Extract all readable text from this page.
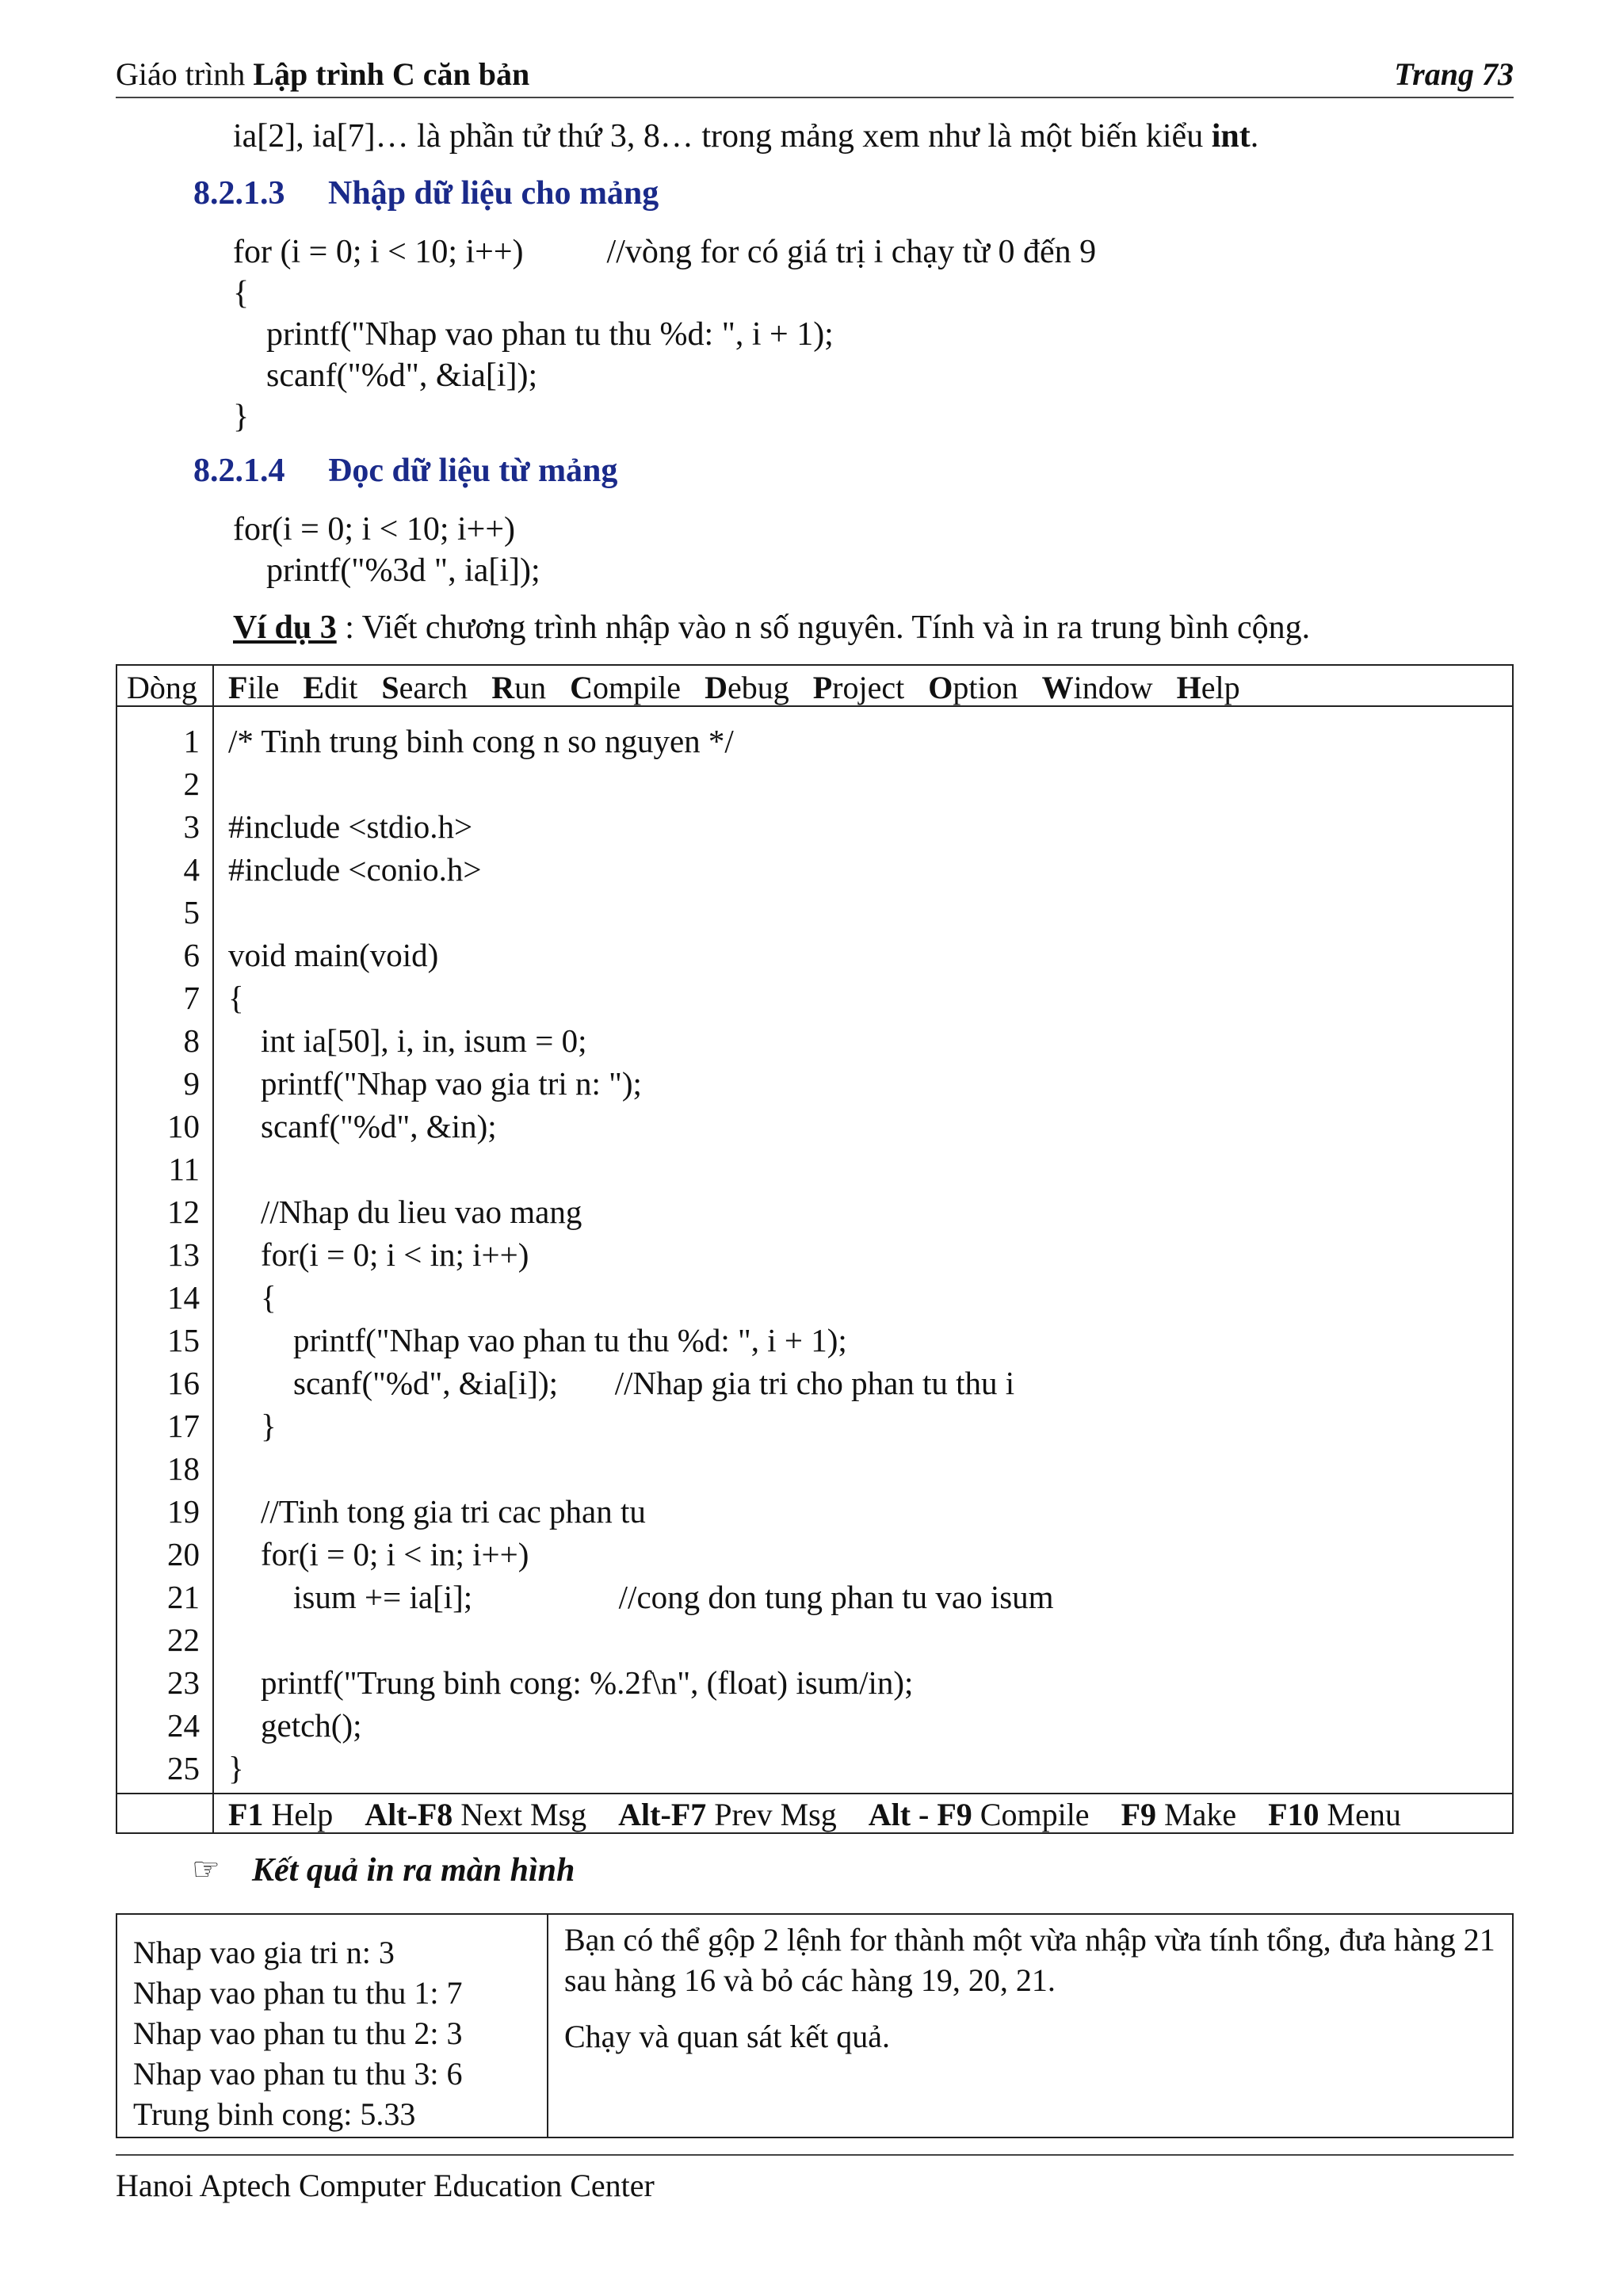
Giáo trình Lập trình C căn bản	Trang 73
ia[2], ia[7]… là phần tử thứ 3, 8… trong mảng xem như là một biến kiểu int.
8.2.1.3 Nhập dữ liệu cho mảng
for (i = 0; i < 10; i++)          //vòng for có giá trị i chạy từ 0 đến 9
{
printf("Nhap vao phan tu thu %d: ", i + 1);
scanf("%d", &ia[i]);
}
8.2.1.4 Đọc dữ liệu từ mảng
for(i = 0; i < 10; i++)
printf("%3d ", ia[i]);
Ví dụ 3 : Viết chương trình nhập vào n số nguyên. Tính và in ra trung bình cộng.
Dòng File Edit Search Run Compile Debug Project Option Window Help
1 /* Tinh trung binh cong n so nguyen */
2
3 #include <stdio.h>
4 #include <conio.h>
5
6 void main(void)
7 {
8 int ia[50], i, in, isum = 0;
9 printf("Nhap vao gia tri n: ");
10 scanf("%d", &in);
11
12 //Nhap du lieu vao mang
13 for(i = 0; i < in; i++)
14 {
15 printf("Nhap vao phan tu thu %d: ", i + 1);
16 scanf("%d", &ia[i]);       //Nhap gia tri cho phan tu thu i
17 }
18
19 //Tinh tong gia tri cac phan tu
20 for(i = 0; i < in; i++)
21 isum += ia[i];                  //cong don tung phan tu vao isum
22
23 printf("Trung binh cong: %.2f\n", (float) isum/in);
24 getch();
25 }
F1 Help Alt-F8 Next Msg Alt-F7 Prev Msg Alt - F9 Compile F9 Make F10 Menu
☞ Kết quả in ra màn hình
Nhap vao gia tri n: 3
Nhap vao phan tu thu 1: 7
Nhap vao phan tu thu 2: 3
Nhap vao phan tu thu 3: 6
Trung binh cong: 5.33

Bạn có thể gộp 2 lệnh for thành một vừa nhập vừa tính tổng, đưa hàng 21 sau hàng 16 và bỏ các hàng 19, 20, 21.

Chạy và quan sát kết quả.

Hanoi Aptech Computer Education Center
